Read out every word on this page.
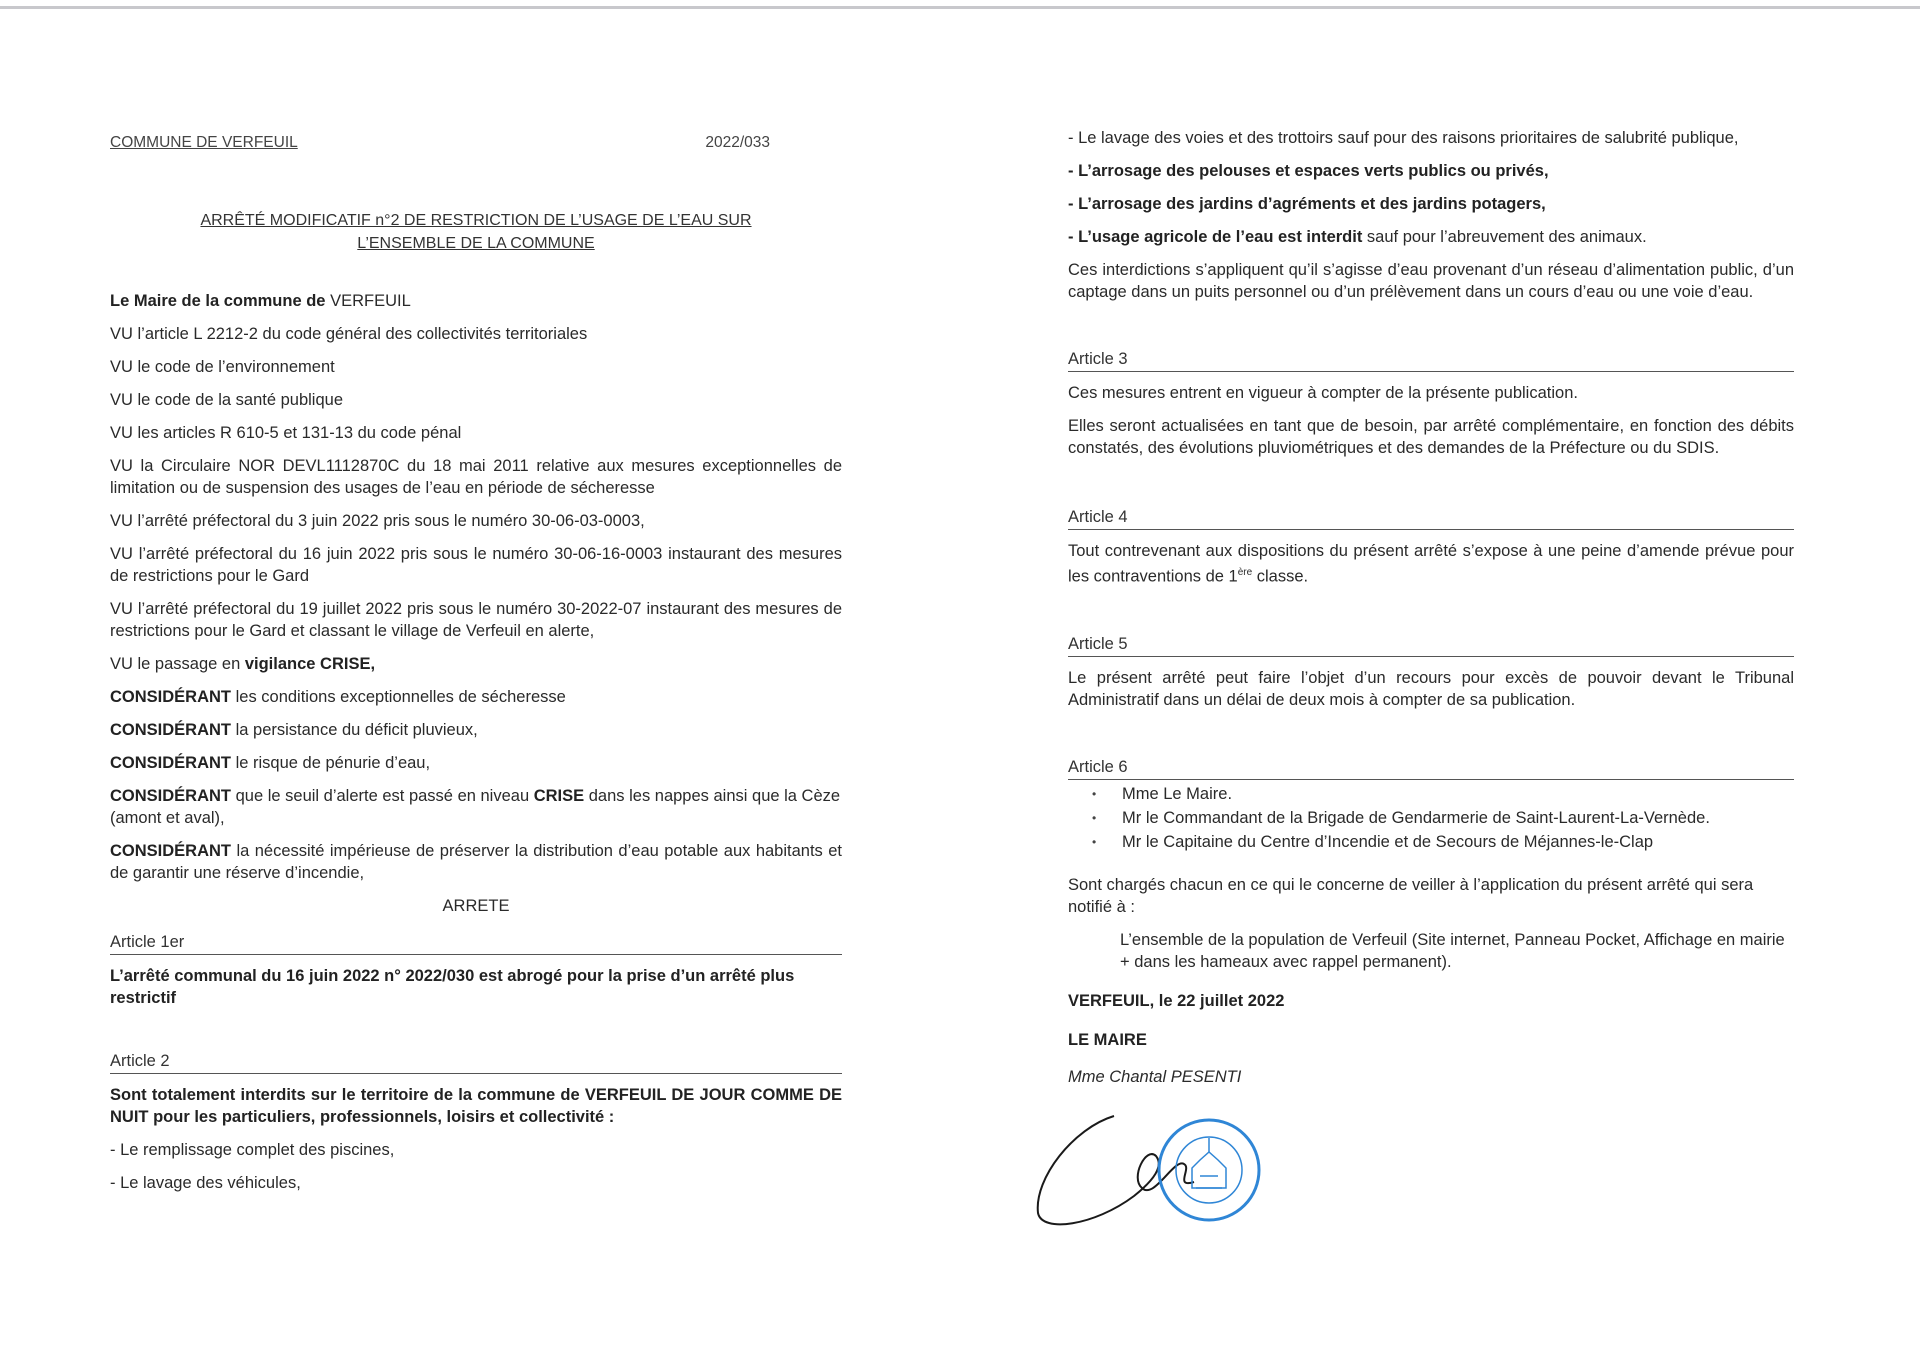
COMMUNE DE VERFEUIL	2022/033
ARRÊTÉ MODIFICATIF n°2 DE RESTRICTION DE L’USAGE DE L’EAU SUR
L’ENSEMBLE DE LA COMMUNE

Le Maire de la commune de VERFEUIL

VU l’article L 2212-2 du code général des collectivités territoriales

VU le code de l’environnement

VU le code de la santé publique

VU les articles R 610-5 et 131-13 du code pénal

VU la Circulaire NOR DEVL1112870C du 18 mai 2011 relative aux mesures exceptionnelles de limitation ou de suspension des usages de l’eau en période de sécheresse

VU l’arrêté préfectoral du 3 juin 2022 pris sous le numéro 30-06-03-0003,

VU l’arrêté préfectoral du 16 juin 2022 pris sous le numéro 30-06-16-0003 instaurant des mesures de restrictions pour le Gard

VU l’arrêté préfectoral du 19 juillet 2022 pris sous le numéro 30-2022-07 instaurant des mesures de restrictions pour le Gard et classant le village de Verfeuil en alerte,

VU le passage en vigilance CRISE,

CONSIDÉRANT les conditions exceptionnelles de sécheresse

CONSIDÉRANT la persistance du déficit pluvieux,

CONSIDÉRANT le risque de pénurie d’eau,

CONSIDÉRANT que le seuil d’alerte est passé en niveau CRISE dans les nappes ainsi que la Cèze (amont et aval),

CONSIDÉRANT la nécessité impérieuse de préserver la distribution d’eau potable aux habitants et de garantir une réserve d’incendie,

ARRETE

Article 1er

L’arrêté communal du 16 juin 2022 n° 2022/030 est abrogé pour la prise d’un arrêté plus restrictif

Article 2

Sont totalement interdits sur le territoire de la commune de VERFEUIL DE JOUR COMME DE NUIT pour les particuliers, professionnels, loisirs et collectivité :

- Le remplissage complet des piscines,

- Le lavage des véhicules,

- Le lavage des voies et des trottoirs sauf pour des raisons prioritaires de salubrité publique,

- L’arrosage des pelouses et espaces verts publics ou privés,

- L’arrosage des jardins d’agréments et des jardins potagers,

- L’usage agricole de l’eau est interdit sauf pour l’abreuvement des animaux.

Ces interdictions s’appliquent qu’il s’agisse d’eau provenant d’un réseau d’alimentation public, d’un captage dans un puits personnel ou d’un prélèvement dans un cours d’eau ou une voie d’eau.

Article 3

Ces mesures entrent en vigueur à compter de la présente publication.

Elles seront actualisées en tant que de besoin, par arrêté complémentaire, en fonction des débits constatés, des évolutions pluviométriques et des demandes de la Préfecture ou du SDIS.

Article 4

Tout contrevenant aux dispositions du présent arrêté s’expose à une peine d’amende prévue pour les contraventions de 1ère classe.

Article 5

Le présent arrêté peut faire l’objet d’un recours pour excès de pouvoir devant le Tribunal Administratif dans un délai de deux mois à compter de sa publication.

Article 6
• Mme Le Maire.
• Mr le Commandant de la Brigade de Gendarmerie de Saint-Laurent-La-Vernède.
• Mr le Capitaine du Centre d’Incendie et de Secours de Méjannes-le-Clap

Sont chargés chacun en ce qui le concerne de veiller à l’application du présent arrêté qui sera notifié à :

L’ensemble de la population de Verfeuil (Site internet, Panneau Pocket, Affichage en mairie + dans les hameaux avec rappel permanent).

VERFEUIL, le 22 juillet 2022

LE MAIRE

Mme Chantal PESENTI
